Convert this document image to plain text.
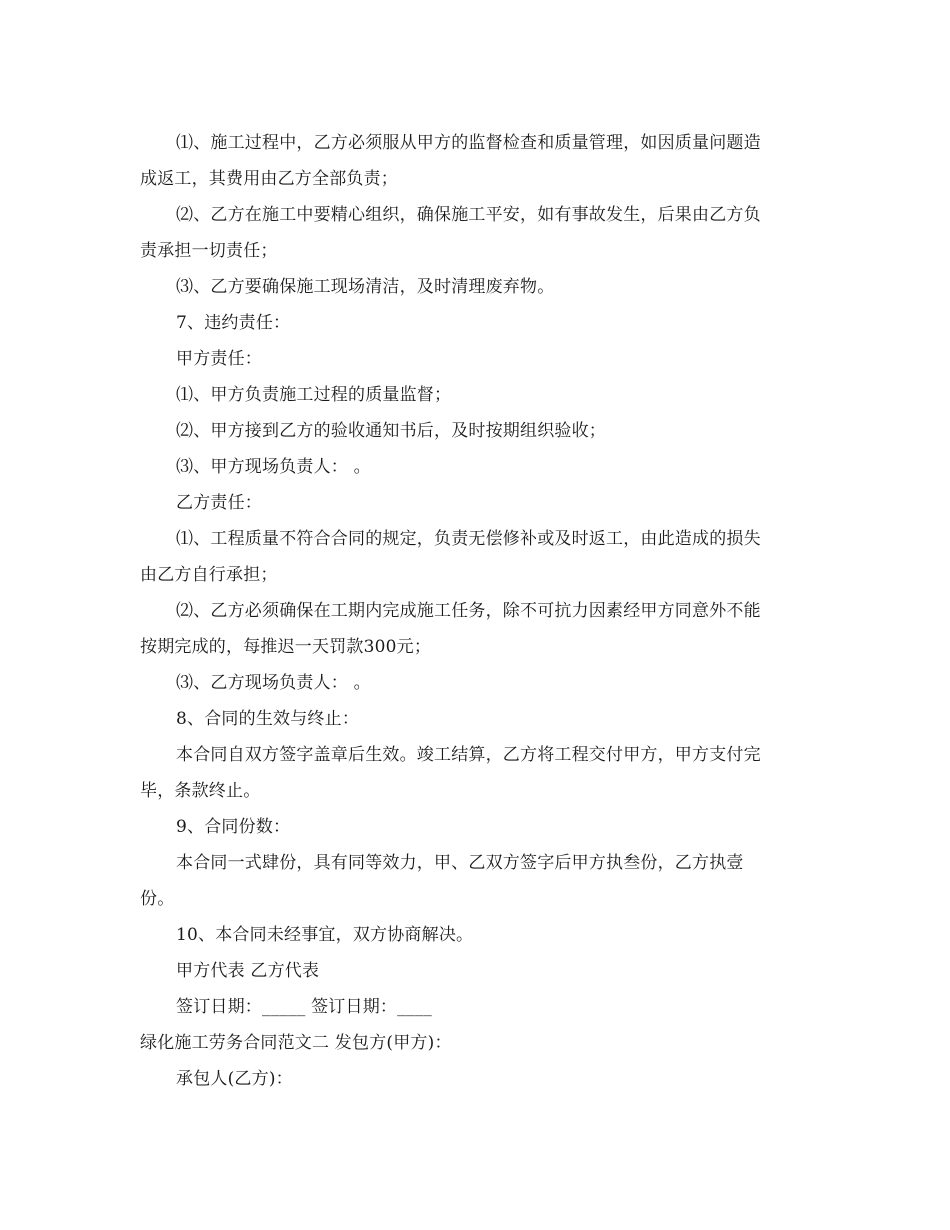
⑴、施工过程中，乙方必须服从甲方的监督检查和质量管理，如因质量问题造
成返工，其费用由乙方全部负责；
⑵、乙方在施工中要精心组织，确保施工平安，如有事故发生，后果由乙方负
责承担一切责任；
⑶、乙方要确保施工现场清洁，及时清理废弃物。
7、违约责任：
甲方责任：
⑴、甲方负责施工过程的质量监督；
⑵、甲方接到乙方的验收通知书后，及时按期组织验收；
⑶、甲方现场负责人： 。
乙方责任：
⑴、工程质量不符合合同的规定，负责无偿修补或及时返工，由此造成的损失
由乙方自行承担；
⑵、乙方必须确保在工期内完成施工任务，除不可抗力因素经甲方同意外不能
按期完成的，每推迟一天罚款300元；
⑶、乙方现场负责人： 。
8、合同的生效与终止：
本合同自双方签字盖章后生效。竣工结算，乙方将工程交付甲方，甲方支付完
毕，条款终止。
9、合同份数：
本合同一式肆份，具有同等效力，甲、乙双方签字后甲方执叁份，乙方执壹
份。
10、本合同未经事宜，双方协商解决。
甲方代表 乙方代表
签订日期：_____ 签订日期：____
绿化施工劳务合同范文二 发包方(甲方)：
承包人(乙方)：
